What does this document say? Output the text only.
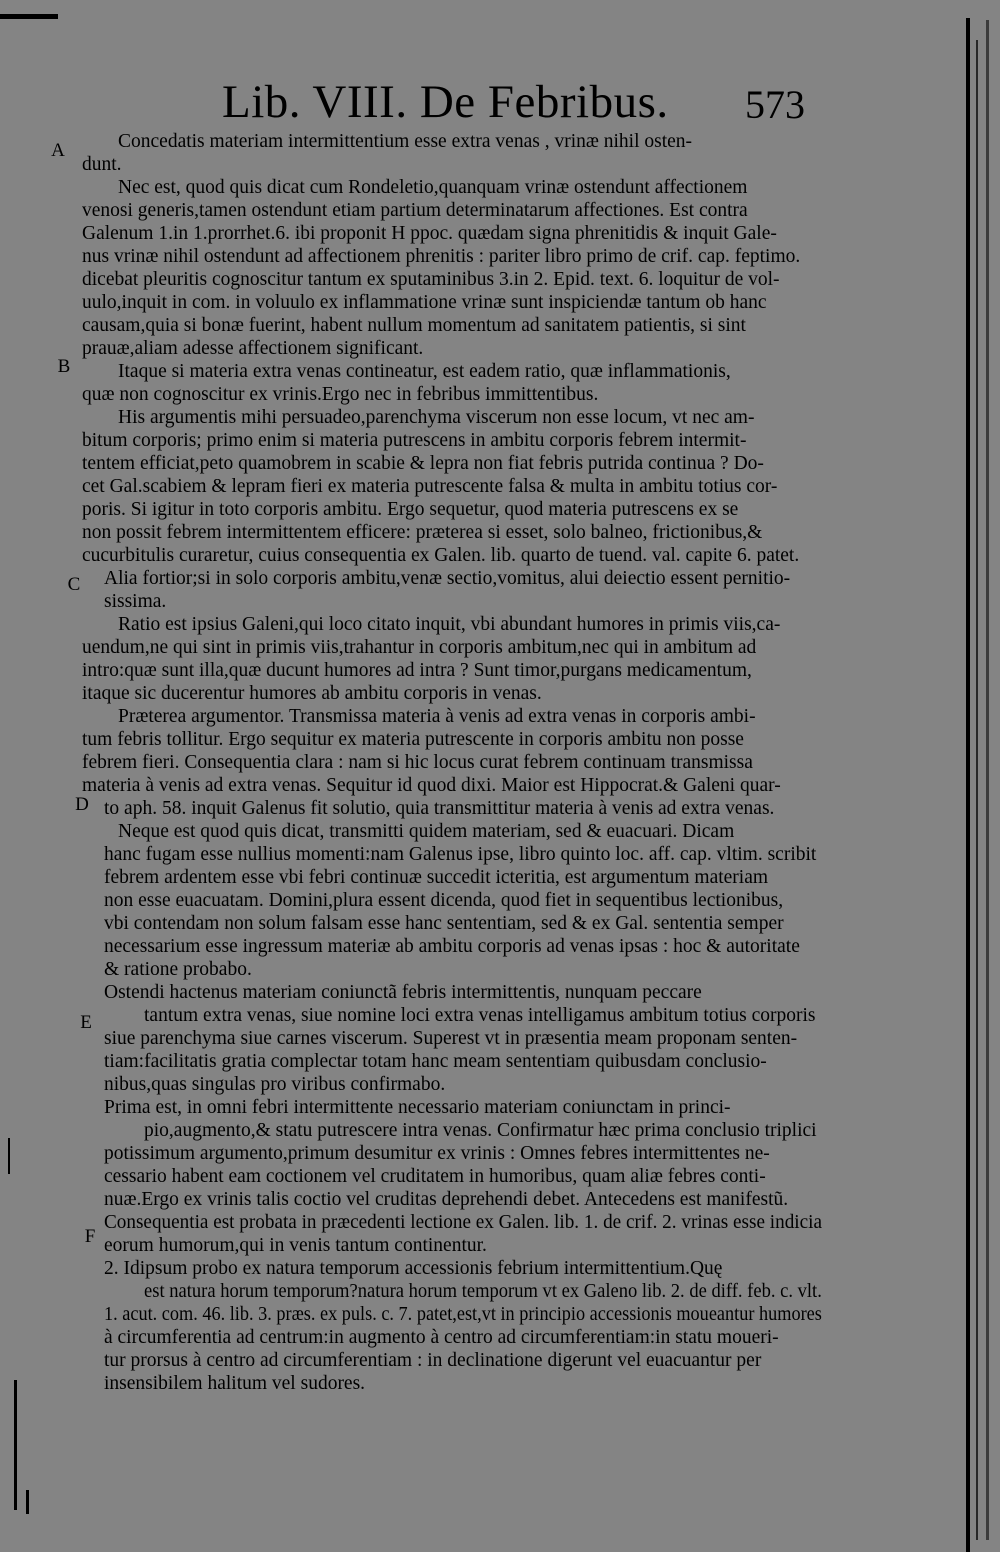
Lib. VIII. De Febribus. 573
A
B
C
D
E
F
Concedatis materiam intermittentium esse extra venas , vrinæ nihil osten-
dunt.
Nec est, quod quis dicat cum Rondeletio,quanquam vrinæ ostendunt affectionem
venosi generis,tamen ostendunt etiam partium determinatarum affectiones. Est contra
Galenum 1.in 1.prorrhet.6. ibi proponit H ppoc. quædam signa phrenitidis & inquit Gale-
nus vrinæ nihil ostendunt ad affectionem phrenitis : pariter libro primo de crif. cap. feptimo.
dicebat pleuritis cognoscitur tantum ex sputaminibus 3.in 2. Epid. text. 6. loquitur de vol-
uulo,inquit in com. in voluulo ex inflammatione vrinæ sunt inspiciendæ tantum ob hanc
causam,quia si bonæ fuerint, habent nullum momentum ad sanitatem patientis, si sint
prauæ,aliam adesse affectionem significant.
Itaque si materia extra venas contineatur, est eadem ratio, quæ inflammationis,
quæ non cognoscitur ex vrinis.Ergo nec in febribus immittentibus.
His argumentis mihi persuadeo,parenchyma viscerum non esse locum, vt nec am-
bitum corporis; primo enim si materia putrescens in ambitu corporis febrem intermit-
tentem efficiat,peto quamobrem in scabie & lepra non fiat febris putrida continua ? Do-
cet Gal.scabiem & lepram fieri ex materia putrescente falsa & multa in ambitu totius cor-
poris. Si igitur in toto corporis ambitu. Ergo sequetur, quod materia putrescens ex se
non possit febrem intermittentem efficere: præterea si esset, solo balneo, frictionibus,&
cucurbitulis curaretur, cuius consequentia ex Galen. lib. quarto de tuend. val. capite 6. patet.
Alia fortior;si in solo corporis ambitu,venæ sectio,vomitus, alui deiectio essent pernitio-
sissima.
Ratio est ipsius Galeni,qui loco citato inquit, vbi abundant humores in primis viis,ca-
uendum,ne qui sint in primis viis,trahantur in corporis ambitum,nec qui in ambitum ad
intro:quæ sunt illa,quæ ducunt humores ad intra ? Sunt timor,purgans medicamentum,
itaque sic ducerentur humores ab ambitu corporis in venas.
Præterea argumentor. Transmissa materia à venis ad extra venas in corporis ambi-
tum febris tollitur. Ergo sequitur ex materia putrescente in corporis ambitu non posse
febrem fieri. Consequentia clara : nam si hic locus curat febrem continuam transmissa
materia à venis ad extra venas. Sequitur id quod dixi. Maior est Hippocrat.& Galeni quar-
to aph. 58. inquit Galenus fit solutio, quia transmittitur materia à venis ad extra venas.
Neque est quod quis dicat, transmitti quidem materiam, sed & euacuari. Dicam
hanc fugam esse nullius momenti:nam Galenus ipse, libro quinto loc. aff. cap. vltim. scribit
febrem ardentem esse vbi febri continuæ succedit icteritia, est argumentum materiam
non esse euacuatam. Domini,plura essent dicenda, quod fiet in sequentibus lectionibus,
vbi contendam non solum falsam esse hanc sententiam, sed & ex Gal. sententia semper
necessarium esse ingressum materiæ ab ambitu corporis ad venas ipsas : hoc & autoritate
& ratione probabo.
Ostendi hactenus materiam coniunctã febris intermittentis, nunquam peccare
tantum extra venas, siue nomine loci extra venas intelligamus ambitum totius corporis
siue parenchyma siue carnes viscerum. Superest vt in præsentia meam proponam senten-
tiam:facilitatis gratia complectar totam hanc meam sententiam quibusdam conclusio-
nibus,quas singulas pro viribus confirmabo.
Prima est, in omni febri intermittente necessario materiam coniunctam in princi-
pio,augmento,& statu putrescere intra venas. Confirmatur hæc prima conclusio triplici
potissimum argumento,primum desumitur ex vrinis : Omnes febres intermittentes ne-
cessario habent eam coctionem vel cruditatem in humoribus, quam aliæ febres conti-
nuæ.Ergo ex vrinis talis coctio vel cruditas deprehendi debet. Antecedens est manifestũ.
Consequentia est probata in præcedenti lectione ex Galen. lib. 1. de crif. 2. vrinas esse indicia
eorum humorum,qui in venis tantum continentur.
2. Idipsum probo ex natura temporum accessionis febrium intermittentium.Quę
est natura horum temporum?natura horum temporum vt ex Galeno lib. 2. de diff. feb. c. vlt.
1. acut. com. 46. lib. 3. præs. ex puls. c. 7. patet,est,vt in principio accessionis moueantur humores
à circumferentia ad centrum:in augmento à centro ad circumferentiam:in statu moueri-
tur prorsus à centro ad circumferentiam : in declinatione digerunt vel euacuantur per
insensibilem halitum vel sudores.
